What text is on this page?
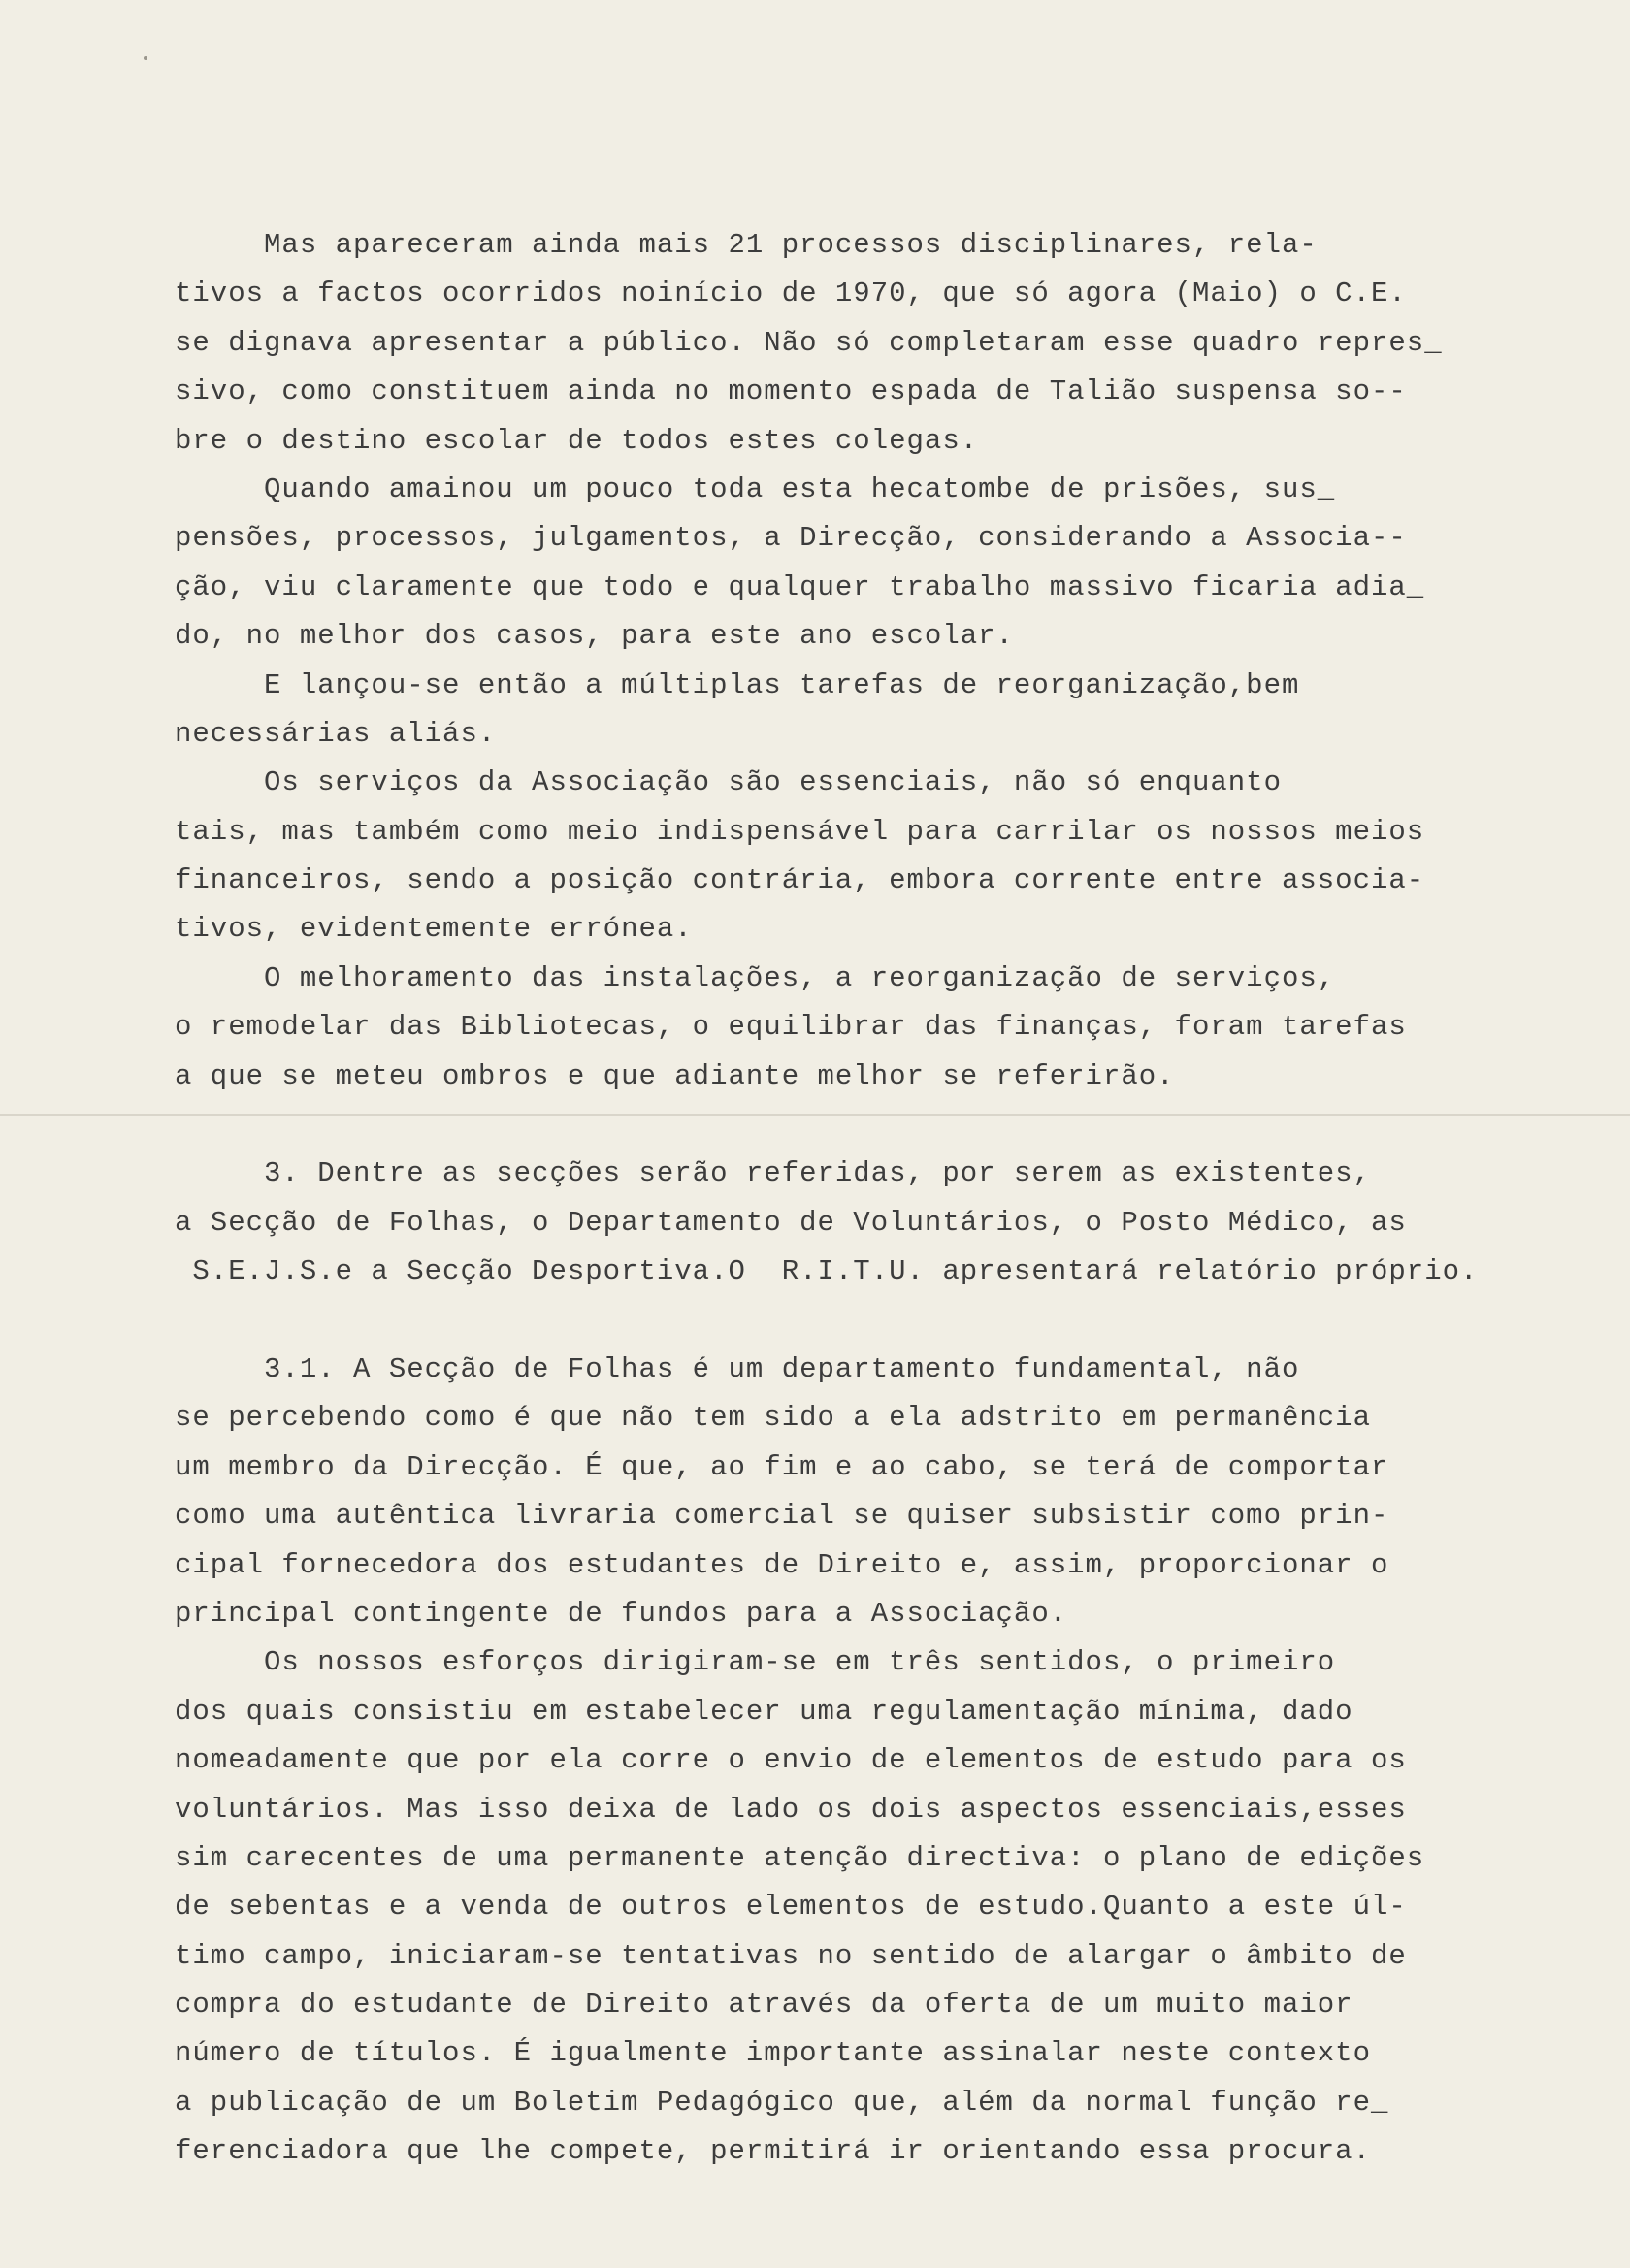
Mas apareceram ainda mais 21 processos disciplinares, rela-
tivos a factos ocorridos noinício de 1970, que só agora (Maio) o C.E.
se dignava apresentar a público. Não só completaram esse quadro repres_
sivo, como constituem ainda no momento espada de Talião suspensa so--
bre o destino escolar de todos estes colegas.
Quando amainou um pouco toda esta hecatombe de prisões, sus_
pensões, processos, julgamentos, a Direcção, considerando a Associa--
ção, viu claramente que todo e qualquer trabalho massivo ficaria adia_
do, no melhor dos casos, para este ano escolar.
E lançou-se então a múltiplas tarefas de reorganização,bem
necessárias aliás.
Os serviços da Associação são essenciais, não só enquanto
tais, mas também como meio indispensável para carrilar os nossos meios
financeiros, sendo a posição contrária, embora corrente entre associa-
tivos, evidentemente errónea.
O melhoramento das instalações, a reorganização de serviços,
o remodelar das Bibliotecas, o equilibrar das finanças, foram tarefas
a que se meteu ombros e que adiante melhor se referirão.
3. Dentre as secções serão referidas, por serem as existentes,
a Secção de Folhas, o Departamento de Voluntários, o Posto Médico, as
S.E.J.S.e a Secção Desportiva.O  R.I.T.U. apresentará relatório próprio.
3.1. A Secção de Folhas é um departamento fundamental, não
se percebendo como é que não tem sido a ela adstrito em permanência
um membro da Direcção. É que, ao fim e ao cabo, se terá de comportar
como uma autêntica livraria comercial se quiser subsistir como prin-
cipal fornecedora dos estudantes de Direito e, assim, proporcionar o
principal contingente de fundos para a Associação.
Os nossos esforços dirigiram-se em três sentidos, o primeiro
dos quais consistiu em estabelecer uma regulamentação mínima, dado
nomeadamente que por ela corre o envio de elementos de estudo para os
voluntários. Mas isso deixa de lado os dois aspectos essenciais,esses
sim carecentes de uma permanente atenção directiva: o plano de edições
de sebentas e a venda de outros elementos de estudo.Quanto a este úl-
timo campo, iniciaram-se tentativas no sentido de alargar o âmbito de
compra do estudante de Direito através da oferta de um muito maior
número de títulos. É igualmente importante assinalar neste contexto
a publicação de um Boletim Pedagógico que, além da normal função re_
ferenciadora que lhe compete, permitirá ir orientando essa procura.
